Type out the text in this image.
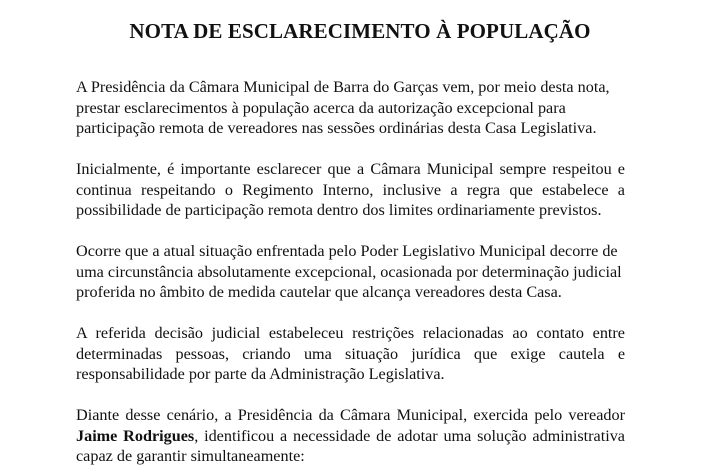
NOTA DE ESCLARECIMENTO À POPULAÇÃO

A Presidência da Câmara Municipal de Barra do Garças vem, por meio desta nota, prestar esclarecimentos à população acerca da autorização excepcional para participação remota de vereadores nas sessões ordinárias desta Casa Legislativa.

Inicialmente, é importante esclarecer que a Câmara Municipal sempre respeitou e continua respeitando o Regimento Interno, inclusive a regra que estabelece a possibilidade de participação remota dentro dos limites ordinariamente previstos.

Ocorre que a atual situação enfrentada pelo Poder Legislativo Municipal decorre de uma circunstância absolutamente excepcional, ocasionada por determinação judicial proferida no âmbito de medida cautelar que alcança vereadores desta Casa.

A referida decisão judicial estabeleceu restrições relacionadas ao contato entre determinadas pessoas, criando uma situação jurídica que exige cautela e responsabilidade por parte da Administração Legislativa.

Diante desse cenário, a Presidência da Câmara Municipal, exercida pelo vereador Jaime Rodrigues, identificou a necessidade de adotar uma solução administrativa capaz de garantir simultaneamente:
